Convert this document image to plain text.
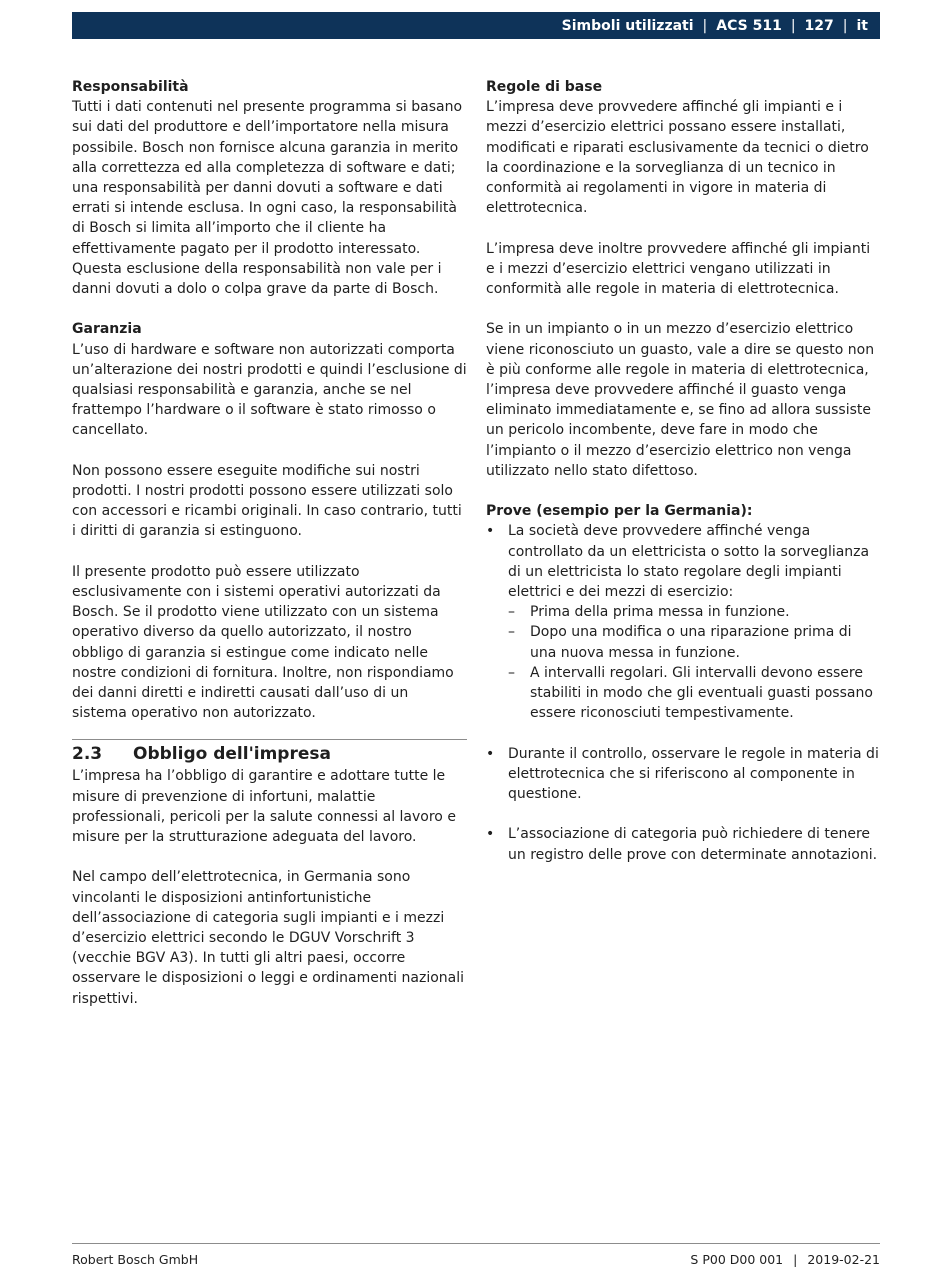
Simboli utilizzati | ACS 511 | 127 | it
Responsabilità

Tutti i dati contenuti nel presente programma si basano sui dati del produttore e dell’importatore nella misura possibile. Bosch non fornisce alcuna garanzia in merito alla correttezza ed alla completezza di software e dati; una responsabilità per danni dovuti a software e dati errati si intende esclusa. In ogni caso, la responsabilità di Bosch si limita all’importo che il cliente ha effettivamente pagato per il prodotto interessato. Questa esclusione della responsabilità non vale per i danni dovuti a dolo o colpa grave da parte di Bosch.

Garanzia

L’uso di hardware e software non autorizzati comporta un’alterazione dei nostri prodotti e quindi l’esclusione di qualsiasi responsabilità e garanzia, anche se nel frattempo l’hardware o il software è stato rimosso o cancellato.

Non possono essere eseguite modifiche sui nostri prodotti. I nostri prodotti possono essere utilizzati solo con accessori e ricambi originali. In caso contrario, tutti i diritti di garanzia si estinguono.

Il presente prodotto può essere utilizzato esclusivamente con i sistemi operativi autorizzati da Bosch. Se il prodotto viene utilizzato con un sistema operativo diverso da quello autorizzato, il nostro obbligo di garanzia si estingue come indicato nelle nostre condizioni di fornitura. Inoltre, non rispondiamo dei danni diretti e indiretti causati dall’uso di un sistema operativo non autorizzato.

2.3	Obbligo dell'impresa

L’impresa ha l’obbligo di garantire e adottare tutte le misure di prevenzione di infortuni, malattie professionali, pericoli per la salute connessi al lavoro e misure per la strutturazione adeguata del lavoro.

Nel campo dell’elettrotecnica, in Germania sono vincolanti le disposizioni antinfortunistiche dell’associazione di categoria sugli impianti e i mezzi d’esercizio elettrici secondo le DGUV Vorschrift 3 (vecchie BGV A3). In tutti gli altri paesi, occorre osservare le disposizioni o leggi e ordinamenti nazionali rispettivi.

Regole di base

L’impresa deve provvedere affinché gli impianti e i mezzi d’esercizio elettrici possano essere installati, modificati e riparati esclusivamente da tecnici o dietro la coordinazione e la sorveglianza di un tecnico in conformità ai regolamenti in vigore in materia di elettrotecnica.

L’impresa deve inoltre provvedere affinché gli impianti e i mezzi d’esercizio elettrici vengano utilizzati in conformità alle regole in materia di elettrotecnica.

Se in un impianto o in un mezzo d’esercizio elettrico viene riconosciuto un guasto, vale a dire se questo non è più conforme alle regole in materia di elettrotecnica, l’impresa deve provvedere affinché il guasto venga eliminato immediatamente e, se fino ad allora sussiste un pericolo incombente, deve fare in modo che l’impianto o il mezzo d’esercizio elettrico non venga utilizzato nello stato difettoso.

Prove (esempio per la Germania):
• La società deve provvedere affinché venga controllato da un elettricista o sotto la sorveglianza di un elettricista lo stato regolare degli impianti elettrici e dei mezzi di esercizio:
– Prima della prima messa in funzione.
– Dopo una modifica o una riparazione prima di una nuova messa in funzione.
– A intervalli regolari. Gli intervalli devono essere stabiliti in modo che gli eventuali guasti possano essere riconosciuti tempestivamente.
• Durante il controllo, osservare le regole in materia di elettrotecnica che si riferiscono al componente in questione.
• L’associazione di categoria può richiedere di tenere un registro delle prove con determinate annotazioni.
Robert Bosch GmbH	S P00 D00 001 | 2019-02-21
